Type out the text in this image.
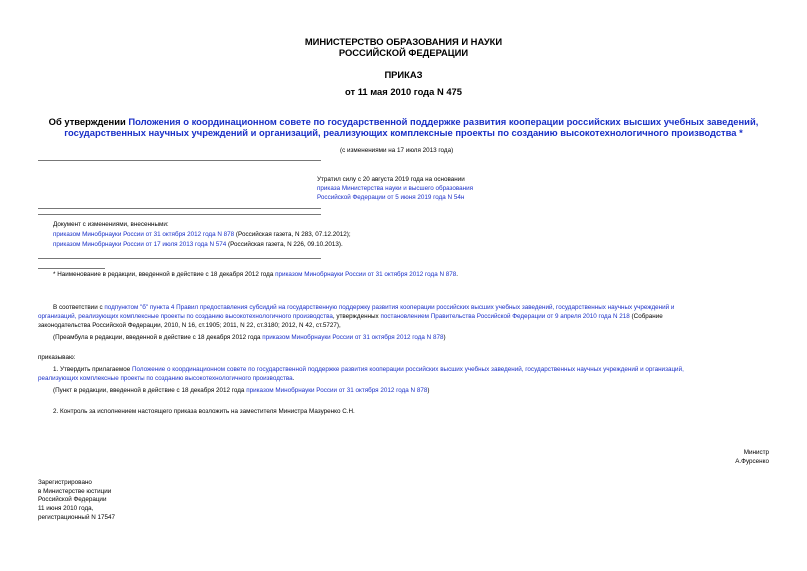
МИНИСТЕРСТВО ОБРАЗОВАНИЯ И НАУКИ
РОССИЙСКОЙ ФЕДЕРАЦИИ
ПРИКАЗ
от 11 мая 2010 года N 475
Об утверждении Положения о координационном совете по государственной поддержке развития кооперации российских высших учебных заведений,
государственных научных учреждений и организаций, реализующих комплексные проекты по созданию высокотехнологичного производства *
(с изменениями на 17 июля 2013 года)
Утратил силу с 20 августа 2019 года на основании
приказа Министерства науки и высшего образования
Российской Федерации от 5 июня 2019 года N 54н
Документ с изменениями, внесенными:
приказом Минобрнауки России от 31 октября 2012 года N 878 (Российская газета, N 283, 07.12.2012);
приказом Минобрнауки России от 17 июля 2013 года N 574 (Российская газета, N 226, 09.10.2013).
* Наименование в редакции, введенной в действие с 18 декабря 2012 года приказом Минобрнауки России от 31 октября 2012 года N 878.
В соответствии с подпунктом "б" пункта 4 Правил предоставления субсидий на государственную поддержку развития кооперации российских высших учебных заведений, государственных научных учреждений и
организаций, реализующих комплексные проекты по созданию высокотехнологичного производства, утвержденных постановлением Правительства Российской Федерации от 9 апреля 2010 года N 218 (Собрание
законодательства Российской Федерации, 2010, N 16, ст.1905; 2011, N 22, ст.3180; 2012, N 42, ст.5727),
(Преамбула в редакции, введенной в действие с 18 декабря 2012 года приказом Минобрнауки России от 31 октября 2012 года N 878)
приказываю:
1. Утвердить прилагаемое Положение о координационном совете по государственной поддержке развития кооперации российских высших учебных заведений, государственных научных учреждений и организаций,
реализующих комплексные проекты по созданию высокотехнологичного производства.
(Пункт в редакции, введенной в действие с 18 декабря 2012 года приказом Минобрнауки России от 31 октября 2012 года N 878)
2. Контроль за исполнением настоящего приказа возложить на заместителя Министра Мазуренко С.Н.
Министр
А.Фурсенко
Зарегистрировано
в Министерстве юстиции
Российской Федерации
11 июня 2010 года,
регистрационный N 17547
